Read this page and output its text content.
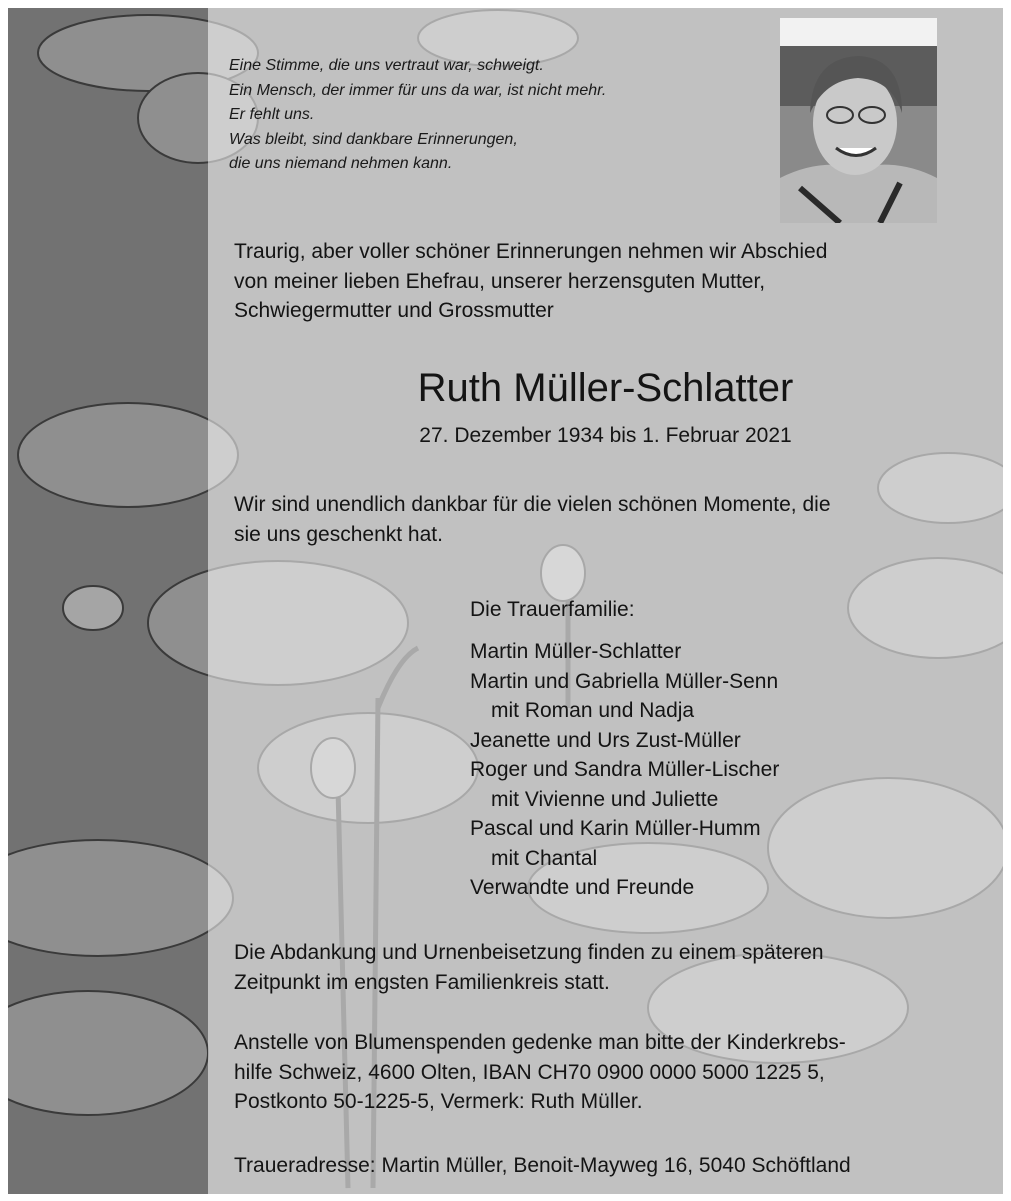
Eine Stimme, die uns vertraut war, schweigt.
Ein Mensch, der immer für uns da war, ist nicht mehr.
Er fehlt uns.
Was bleibt, sind dankbare Erinnerungen,
die uns niemand nehmen kann.
Traurig, aber voller schöner Erinnerungen nehmen wir Abschied
von meiner lieben Ehefrau, unserer herzensguten Mutter,
Schwiegermutter und Grossmutter
Ruth Müller-Schlatter
27. Dezember 1934 bis 1. Februar 2021
Wir sind unendlich dankbar für die vielen schönen Momente, die
sie uns geschenkt hat.
Die Trauerfamilie:
Martin Müller-Schlatter
Martin und Gabriella Müller-Senn
mit Roman und Nadja
Jeanette und Urs Zust-Müller
Roger und Sandra Müller-Lischer
mit Vivienne und Juliette
Pascal und Karin Müller-Humm
mit Chantal
Verwandte und Freunde
Die Abdankung und Urnenbeisetzung finden zu einem späteren
Zeitpunkt im engsten Familienkreis statt.
Anstelle von Blumenspenden gedenke man bitte der Kinderkrebs-
hilfe Schweiz, 4600 Olten, IBAN CH70 0900 0000 5000 1225 5,
Postkonto 50-1225-5, Vermerk: Ruth Müller.
Traueradresse: Martin Müller, Benoit-Mayweg 16, 5040 Schöftland
